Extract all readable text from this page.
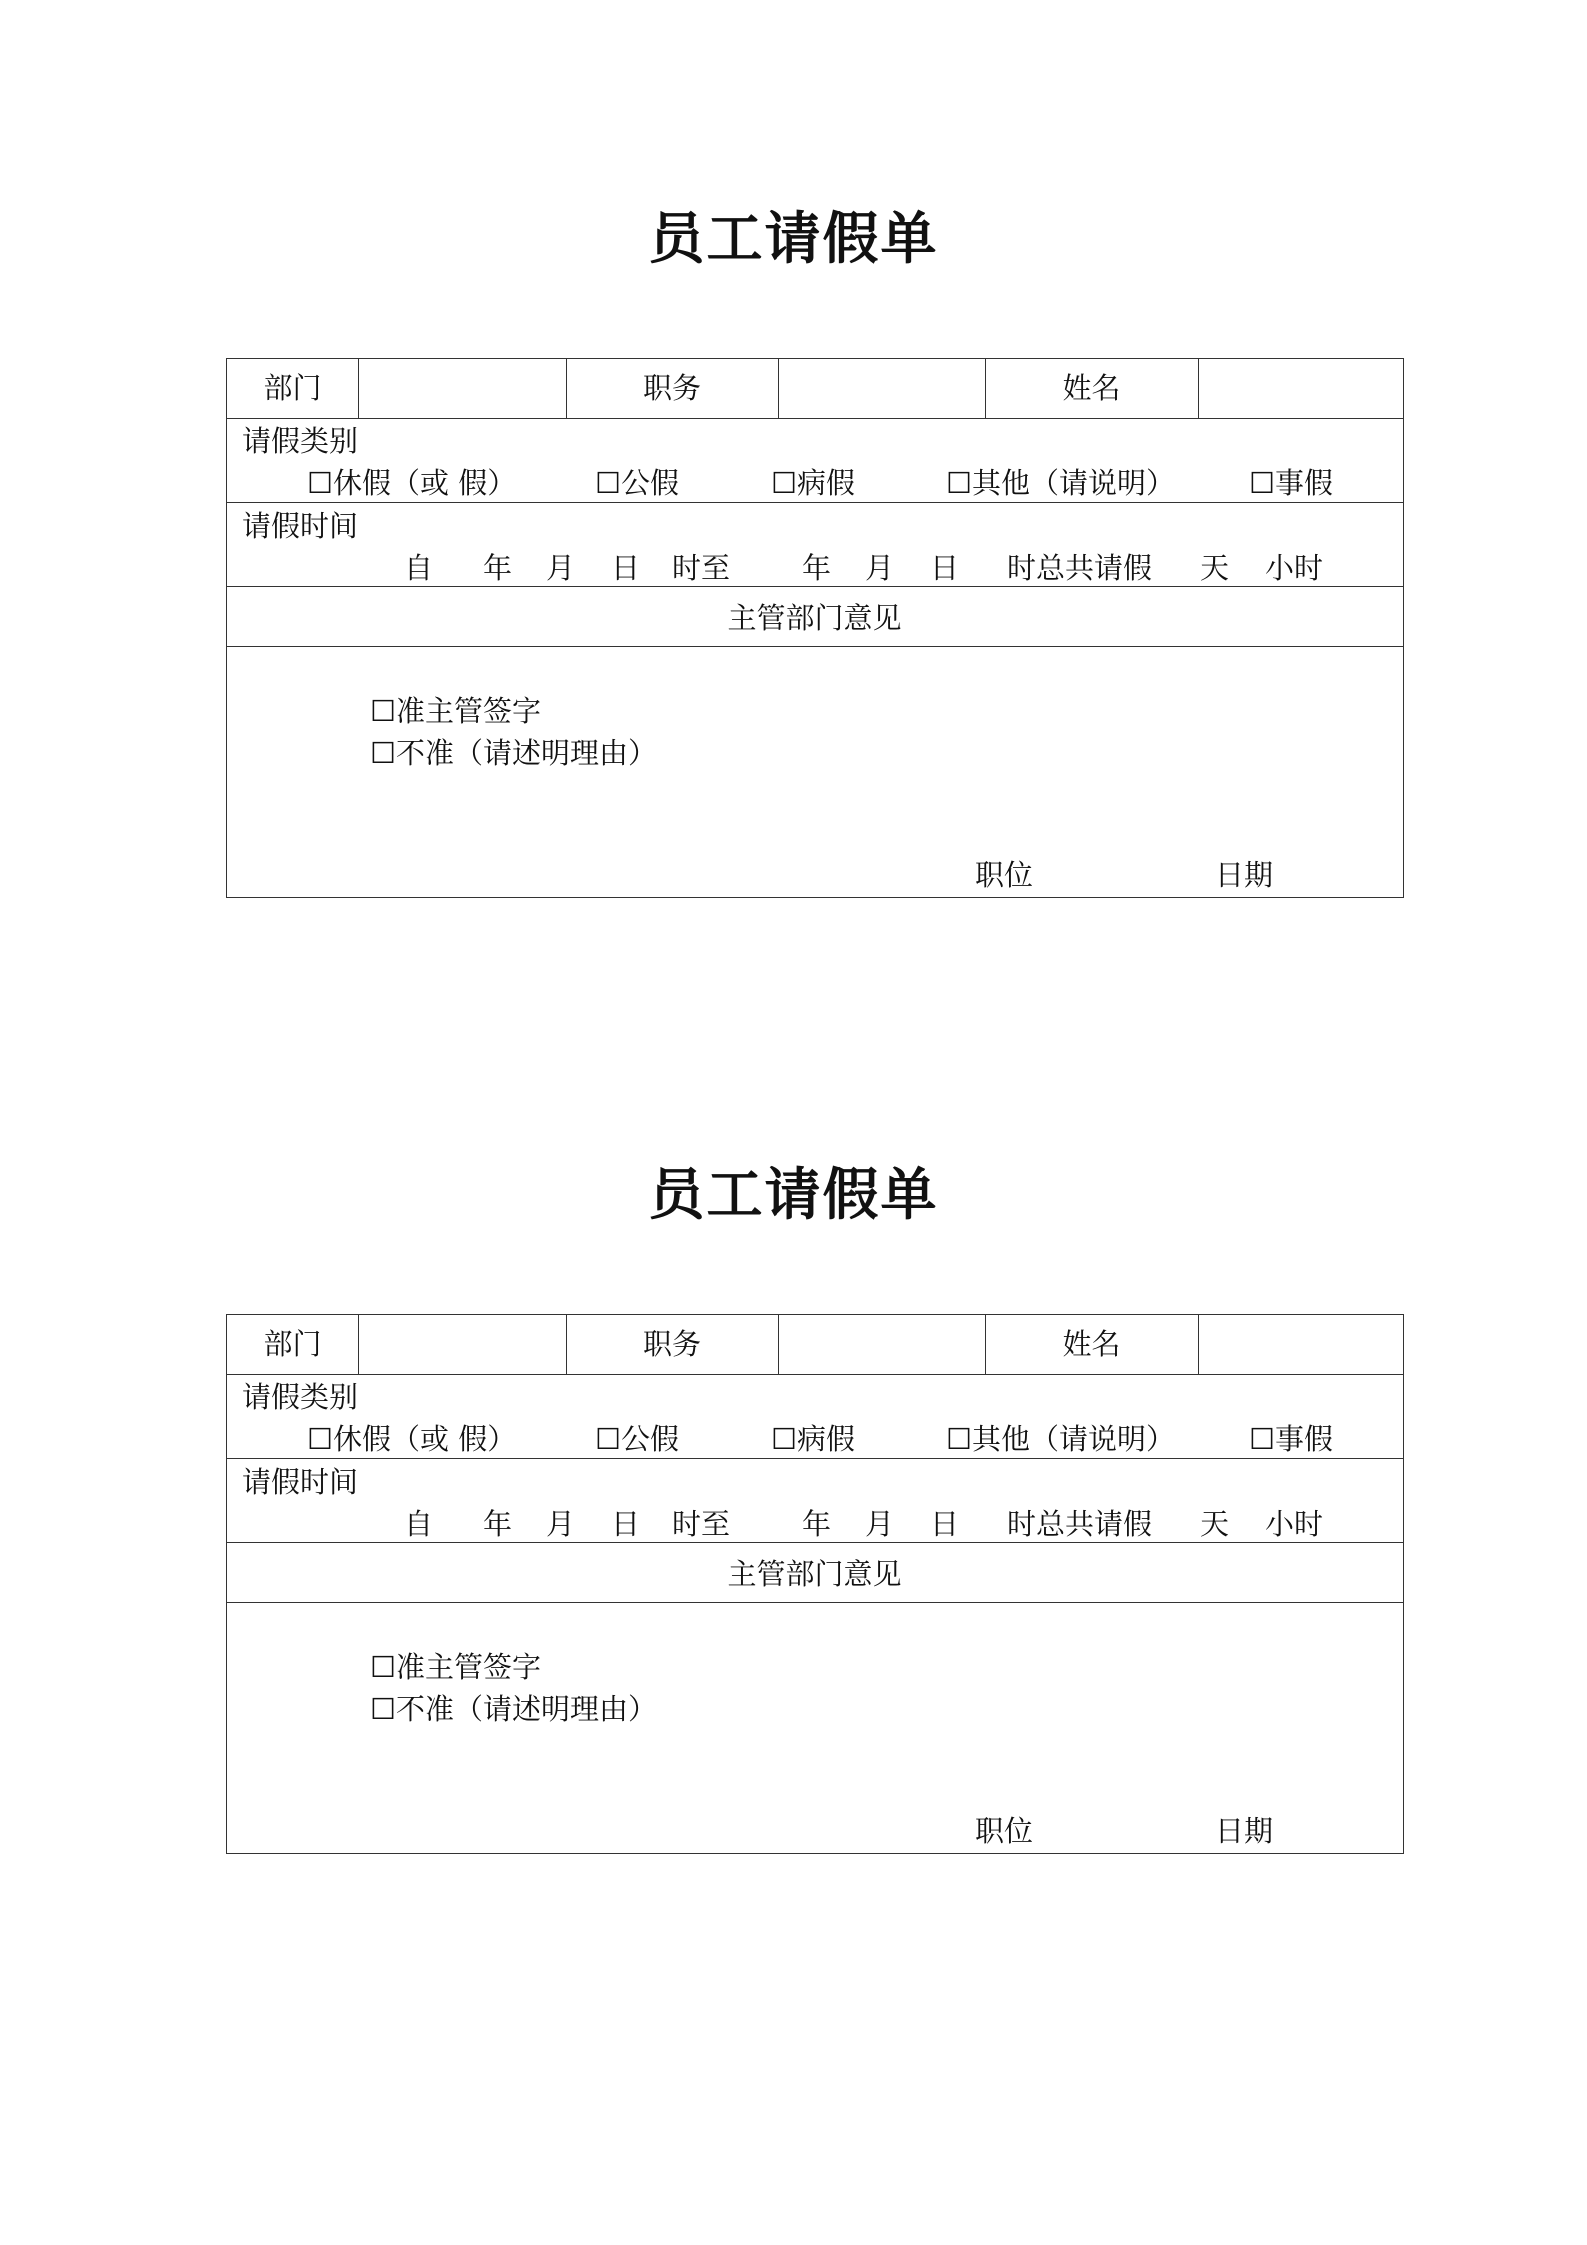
员工请假单
部门	职务	姓名
请假类别
☐休假（或 假）	☐公假	☐病假	☐其他（请说明）	☐事假
请假时间
自 年 月 日 时至 年 月 日 时总共请假 天 小时
主管部门意见
☐准主管签字
☐不准（请述明理由）
职位	日期
员工请假单
部门	职务	姓名
请假类别
☐休假（或 假）	☐公假	☐病假	☐其他（请说明）	☐事假
请假时间
自 年 月 日 时至 年 月 日 时总共请假 天 小时
主管部门意见
☐准主管签字
☐不准（请述明理由）
职位	日期
